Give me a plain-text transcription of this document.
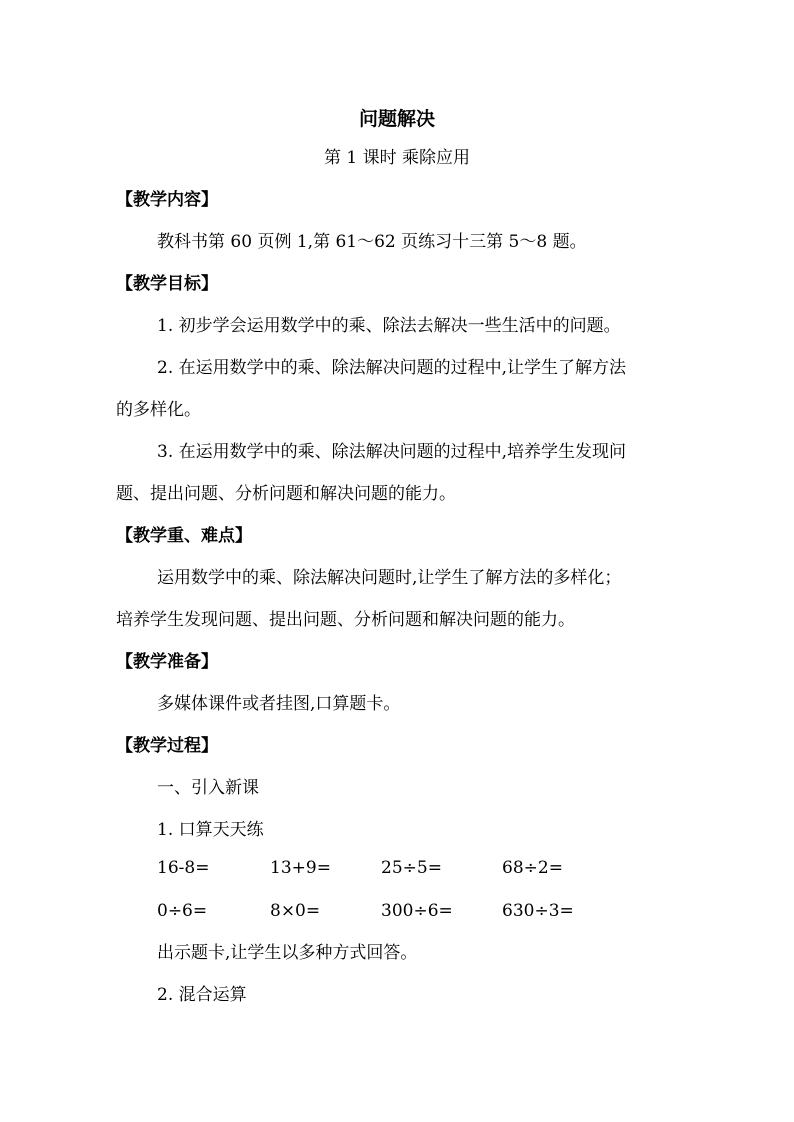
问题解决
第 1 课时 乘除应用
【教学内容】
教科书第 60 页例 1,第 61～62 页练习十三第 5～8 题。
【教学目标】
1. 初步学会运用数学中的乘、除法去解决一些生活中的问题。
2. 在运用数学中的乘、除法解决问题的过程中,让学生了解方法
的多样化。
3. 在运用数学中的乘、除法解决问题的过程中,培养学生发现问
题、提出问题、分析问题和解决问题的能力。
【教学重、难点】
运用数学中的乘、除法解决问题时,让学生了解方法的多样化；
培养学生发现问题、提出问题、分析问题和解决问题的能力。
【教学准备】
多媒体课件或者挂图,口算题卡。
【教学过程】
一、引入新课
1. 口算天天练
16-8=	13+9=	25÷5=	68÷2=
0÷6=	8×0=	300÷6=	630÷3=
出示题卡,让学生以多种方式回答。
2. 混合运算
